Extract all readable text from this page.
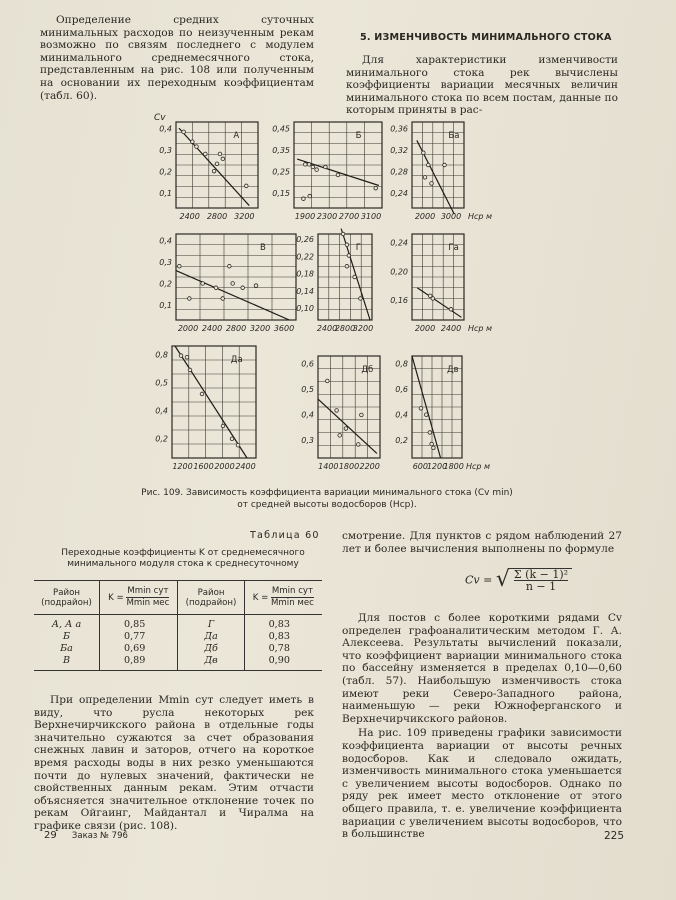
Определение средних суточных минимальных расходов по неизученным рекам возможно по связям последнего с модулем минимального среднемесячного стока, представленным на рис. 108 или полученным на основании их переходным коэффициентам (табл. 60).

5. ИЗМЕНЧИВОСТЬ МИНИМАЛЬНОГО СТОКА

Для характеристики изменчивости минимального стока рек вычислены коэффициенты вариации месячных величин минимального стока по всем постам, данные по которым приняты в рас-

0,1
0,2
0,3
0,4
2400 2800 3200
Cv
А
0,15
0,25
0,35
0,45
1900 2300 2700 3100
Б
0,24
0,28
0,32
0,36
2000 3000 Hср м
Ба
0,1
0,2
0,3
0,4
2000 2400 2800 3200 3600
В
0,10
0,14
0,18
0,22
0,26
2400
2800
3200
Г
0,16
0,20
0,24
2000 2400 Hср м
Га
0,2
0,4
0,5
0,8
1200 1600 2000 2400
Да
0,3
0,4
0,5
0,6
1400 1800 2200
Дб
0,2
0,4
0,6
0,8
600
1200
1800 Hср м
Дв
Рис. 109. Зависимость коэффициента вариации минимального стока (Cv min)
от средней высоты водосборов (Hср).
Таблица 60
Переходные коэффициенты K от среднемесячного
минимального модуля стока к среднесуточному
Район
(подрайон)	$K = \frac{\text{Mmin сут}}{\text{Mmin мес}}$	Район
(подрайон)	$K = \frac{\text{Mmin сут}}{\text{Mmin мес}}$

А, А а	0,85	Г	0,83
Б	0,77	Да	0,83
Ба	0,69	Дб	0,78
В	0,89	Дв	0,90

При определении Mmin сут следует иметь в виду, что русла некоторых рек Верхнечирчикского района в отдельные годы значительно сужаются за счет образования снежных лавин и заторов, отчего на короткое время расходы воды в них резко уменьшаются почти до нулевых значений, фактически не свойственных данным рекам. Этим отчасти объясняется значительное отклонение точек по рекам Ойгаинг, Майдантал и Чиралма на графике связи (рис. 108).

смотрение. Для пунктов с рядом наблюдений 27 лет и более вычисления выполнены по формуле

Cv = √ $\frac{\text{Σ (k − 1)²}}{n - 1}$

Для постов с более короткими рядами Cv определен графоаналитическим методом Г. А. Алексеева. Результаты вычислений показали, что коэффициент вариации минимального стока по бассейну изменяется в пределах 0,10—0,60 (табл. 57). Наибольшую изменчивость стока имеют реки Северо-Западного района, наименьшую — реки Южноферганского и Верхнечирчикского районов.

На рис. 109 приведены графики зависимости коэффициента вариации от высоты речных водосборов. Как и следовало ожидать, изменчивость минимального стока уменьшается с увеличением высоты водосборов. Однако по ряду рек имеет место отклонение от этого общего правила, т. е. увеличение коэффициента вариации с увеличением высоты водосборов, что в большинстве

29 Заказ № 796	225
